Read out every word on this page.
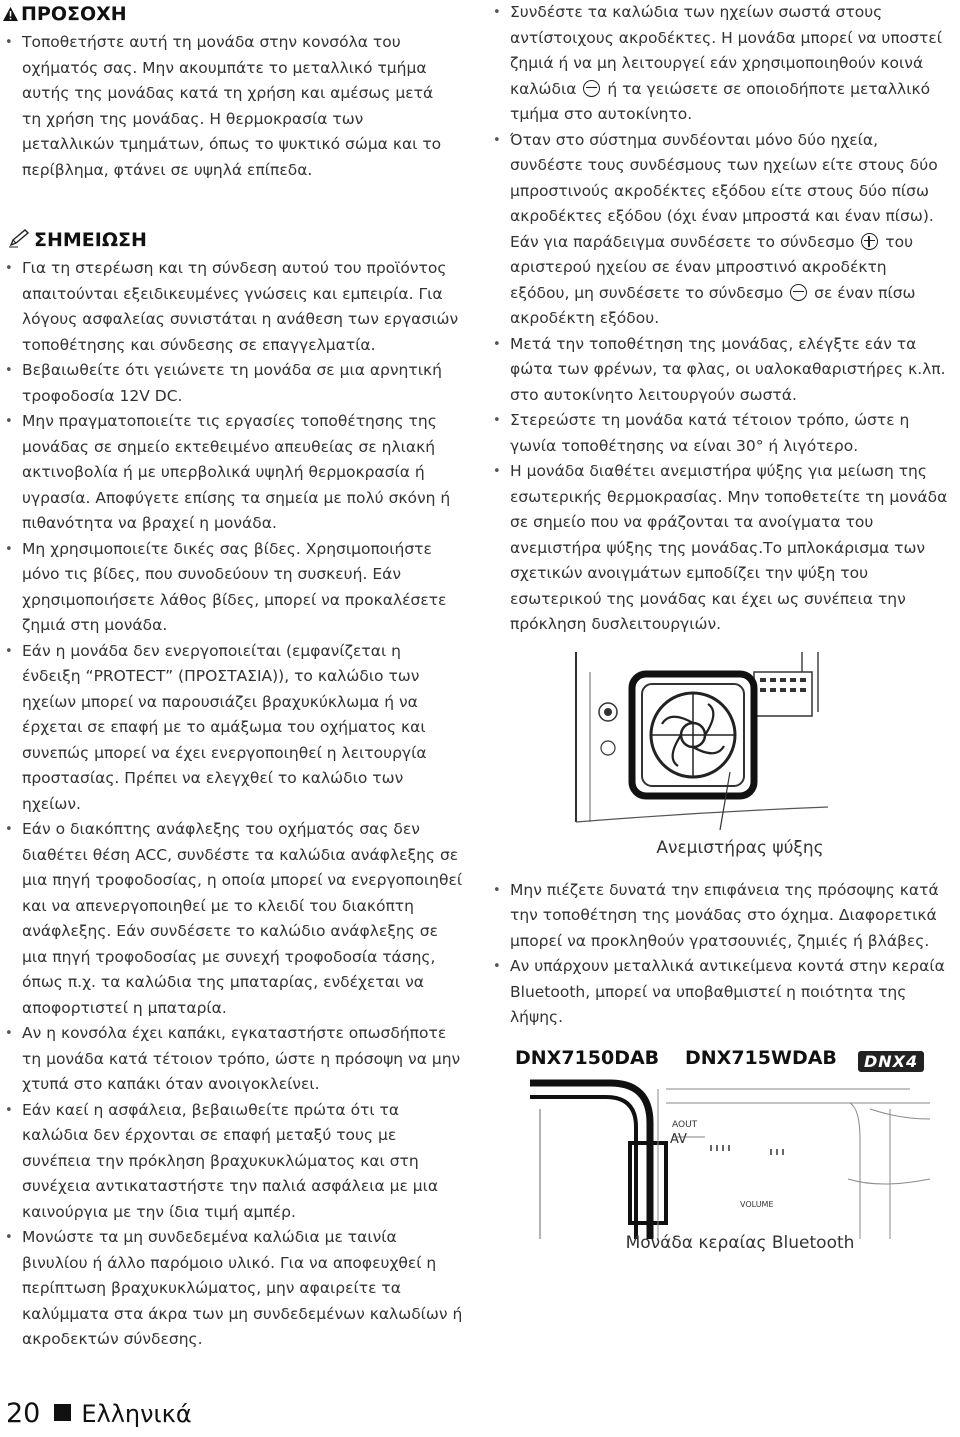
ΠΡΟΣΟΧΗ
• Τοποθετήστε αυτή τη μονάδα στην κονσόλα του οχήματός σας. Μην ακουμπάτε το μεταλλικό τμήμα αυτής της μονάδας κατά τη χρήση και αμέσως μετά τη χρήση της μονάδας. Η θερμοκρασία των μεταλλικών τμημάτων, όπως το ψυκτικό σώμα και το περίβλημα, φτάνει σε υψηλά επίπεδα.
ΣΗΜΕΙΩΣΗ
• Για τη στερέωση και τη σύνδεση αυτού του προϊόντος απαιτούνται εξειδικευμένες γνώσεις και εμπειρία. Για λόγους ασφαλείας συνιστάται η ανάθεση των εργασιών τοποθέτησης και σύνδεσης σε επαγγελματία.
• Βεβαιωθείτε ότι γειώνετε τη μονάδα σε μια αρνητική τροφοδοσία 12V DC.
• Μην πραγματοποιείτε τις εργασίες τοποθέτησης της μονάδας σε σημείο εκτεθειμένο απευθείας σε ηλιακή ακτινοβολία ή με υπερβολικά υψηλή θερμοκρασία ή υγρασία. Αποφύγετε επίσης τα σημεία με πολύ σκόνη ή πιθανότητα να βραχεί η μονάδα.
• Μη χρησιμοποιείτε δικές σας βίδες. Χρησιμοποιήστε μόνο τις βίδες, που συνοδεύουν τη συσκευή. Εάν χρησιμοποιήσετε λάθος βίδες, μπορεί να προκαλέσετε ζημιά στη μονάδα.
• Εάν η μονάδα δεν ενεργοποιείται (εμφανίζεται η ένδειξη “PROTECT” (ΠΡΟΣΤΑΣΙΑ)), το καλώδιο των ηχείων μπορεί να παρουσιάζει βραχυκύκλωμα ή να έρχεται σε επαφή με το αμάξωμα του οχήματος και συνεπώς μπορεί να έχει ενεργοποιηθεί η λειτουργία προστασίας. Πρέπει να ελεγχθεί το καλώδιο των ηχείων.
• Εάν ο διακόπτης ανάφλεξης του οχήματός σας δεν διαθέτει θέση ACC, συνδέστε τα καλώδια ανάφλεξης σε μια πηγή τροφοδοσίας, η οποία μπορεί να ενεργοποιηθεί και να απενεργοποιηθεί με το κλειδί του διακόπτη ανάφλεξης. Εάν συνδέσετε το καλώδιο ανάφλεξης σε μια πηγή τροφοδοσίας με συνεχή τροφοδοσία τάσης, όπως π.χ. τα καλώδια της μπαταρίας, ενδέχεται να αποφορτιστεί η μπαταρία.
• Αν η κονσόλα έχει καπάκι, εγκαταστήστε οπωσδήποτε τη μονάδα κατά τέτοιον τρόπο, ώστε η πρόσοψη να μην χτυπά στο καπάκι όταν ανοιγοκλείνει.
• Εάν καεί η ασφάλεια, βεβαιωθείτε πρώτα ότι τα καλώδια δεν έρχονται σε επαφή μεταξύ τους με συνέπεια την πρόκληση βραχυκυκλώματος και στη συνέχεια αντικαταστήστε την παλιά ασφάλεια με μια καινούργια με την ίδια τιμή αμπέρ.
• Μονώστε τα μη συνδεδεμένα καλώδια με ταινία βινυλίου ή άλλο παρόμοιο υλικό. Για να αποφευχθεί η περίπτωση βραχυκυκλώματος, μην αφαιρείτε τα καλύμματα στα άκρα των μη συνδεδεμένων καλωδίων ή ακροδεκτών σύνδεσης.
• Συνδέστε τα καλώδια των ηχείων σωστά στους αντίστοιχους ακροδέκτες. Η μονάδα μπορεί να υποστεί ζημιά ή να μη λειτουργεί εάν χρησιμοποιηθούν κοινά καλώδια ή τα γειώσετε σε οποιοδήποτε μεταλλικό τμήμα στο αυτοκίνητο.
• Όταν στο σύστημα συνδέονται μόνο δύο ηχεία, συνδέστε τους συνδέσμους των ηχείων είτε στους δύο μπροστινούς ακροδέκτες εξόδου είτε στους δύο πίσω ακροδέκτες εξόδου (όχι έναν μπροστά και έναν πίσω). Εάν για παράδειγμα συνδέσετε το σύνδεσμο του αριστερού ηχείου σε έναν μπροστινό ακροδέκτη εξόδου, μη συνδέσετε το σύνδεσμο σε έναν πίσω ακροδέκτη εξόδου.
• Μετά την τοποθέτηση της μονάδας, ελέγξτε εάν τα φώτα των φρένων, τα φλας, οι υαλοκαθαριστήρες κ.λπ. στο αυτοκίνητο λειτουργούν σωστά.
• Στερεώστε τη μονάδα κατά τέτοιον τρόπο, ώστε η γωνία τοποθέτησης να είναι 30° ή λιγότερο.
• Η μονάδα διαθέτει ανεμιστήρα ψύξης για μείωση της εσωτερικής θερμοκρασίας. Μην τοποθετείτε τη μονάδα σε σημείο που να φράζονται τα ανοίγματα του ανεμιστήρα ψύξης της μονάδας.Το μπλοκάρισμα των σχετικών ανοιγμάτων εμποδίζει την ψύξη του εσωτερικού της μονάδας και έχει ως συνέπεια την πρόκληση δυσλειτουργιών.
Ανεμιστήρας ψύξης
• Μην πιέζετε δυνατά την επιφάνεια της πρόσοψης κατά την τοποθέτηση της μονάδας στο όχημα. Διαφορετικά μπορεί να προκληθούν γρατσουνιές, ζημιές ή βλάβες.
• Αν υπάρχουν μεταλλικά αντικείμενα κοντά στην κεραία Bluetooth, μπορεί να υποβαθμιστεί η ποιότητα της λήψης.
DNX7150DAB DNX715WDAB	DNX4
AOUT
AV
VOLUME
Μονάδα κεραίας Bluetooth
20 Ελληνικά
